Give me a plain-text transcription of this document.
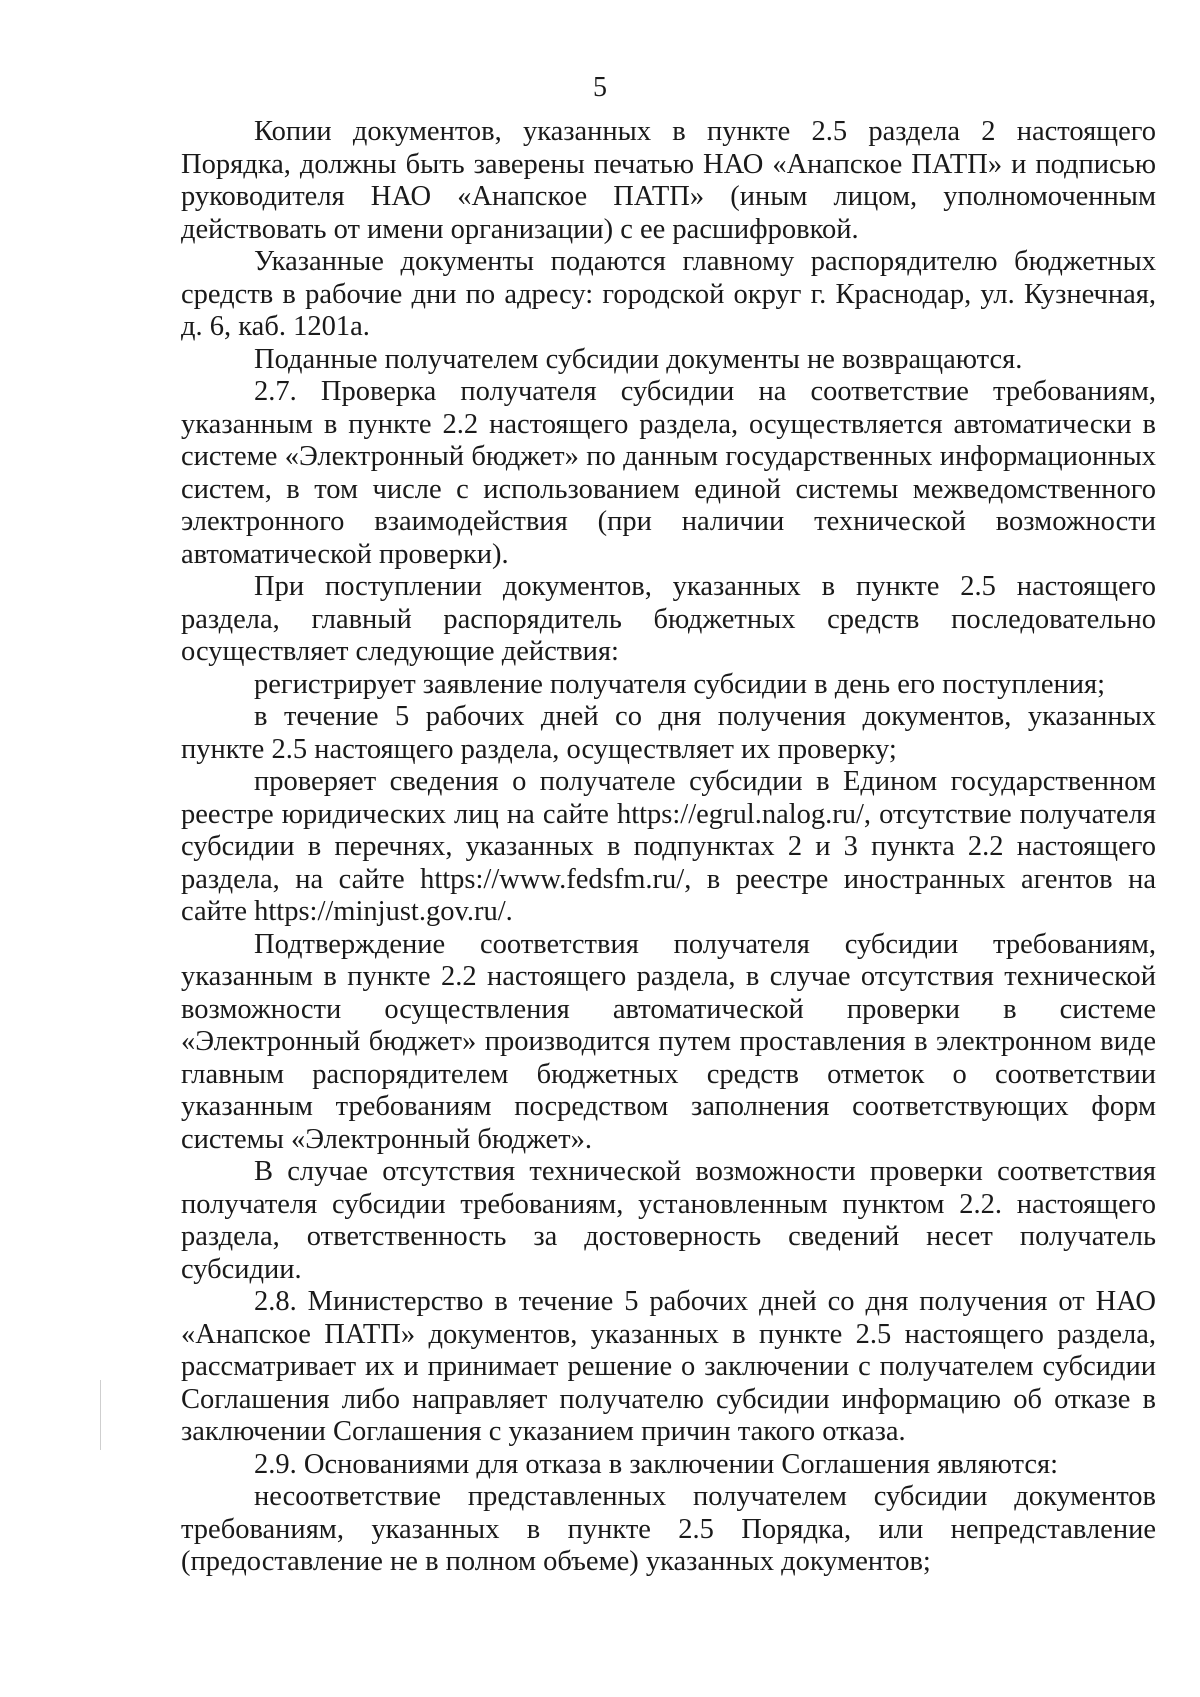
5

Копии документов, указанных в пункте 2.5 раздела 2 настоящего Порядка, должны быть заверены печатью НАО «Анапское ПАТП» и подписью руководителя НАО «Анапское ПАТП» (иным лицом, уполномоченным действовать от имени организации) с ее расшифровкой.

Указанные документы подаются главному распорядителю бюджетных средств в рабочие дни по адресу: городской округ г. Краснодар, ул. Кузнечная, д. 6, каб. 1201а.

Поданные получателем субсидии документы не возвращаются.

2.7. Проверка получателя субсидии на соответствие требованиям, указанным в пункте 2.2 настоящего раздела, осуществляется автоматически в системе «Электронный бюджет» по данным государственных информационных систем, в том числе с использованием единой системы межведомственного электронного взаимодействия (при наличии технической возможности автоматической проверки).

При поступлении документов, указанных в пункте 2.5 настоящего раздела, главный распорядитель бюджетных средств последовательно осуществляет следующие действия:

регистрирует заявление получателя субсидии в день его поступления;

в течение 5 рабочих дней со дня получения документов, указанных пункте 2.5 настоящего раздела, осуществляет их проверку;

проверяет сведения о получателе субсидии в Едином государственном реестре юридических лиц на сайте https://egrul.nalog.ru/, отсутствие получателя субсидии в перечнях, указанных в подпунктах 2 и 3 пункта 2.2 настоящего раздела, на сайте https://www.fedsfm.ru/, в реестре иностранных агентов на сайте https://minjust.gov.ru/.

Подтверждение соответствия получателя субсидии требованиям, указанным в пункте 2.2 настоящего раздела, в случае отсутствия технической возможности осуществления автоматической проверки в системе «Электронный бюджет» производится путем проставления в электронном виде главным распорядителем бюджетных средств отметок о соответствии указанным требованиям посредством заполнения соответствующих форм системы «Электронный бюджет».

В случае отсутствия технической возможности проверки соответствия получателя субсидии требованиям, установленным пунктом 2.2. настоящего раздела, ответственность за достоверность сведений несет получатель субсидии.

2.8. Министерство в течение 5 рабочих дней со дня получения от НАО «Анапское ПАТП» документов, указанных в пункте 2.5 настоящего раздела, рассматривает их и принимает решение о заключении с получателем субсидии Соглашения либо направляет получателю субсидии информацию об отказе в заключении Соглашения с указанием причин такого отказа.

2.9. Основаниями для отказа в заключении Соглашения являются:

несоответствие представленных получателем субсидии документов требованиям, указанных в пункте 2.5 Порядка, или непредставление (предоставление не в полном объеме) указанных документов;
